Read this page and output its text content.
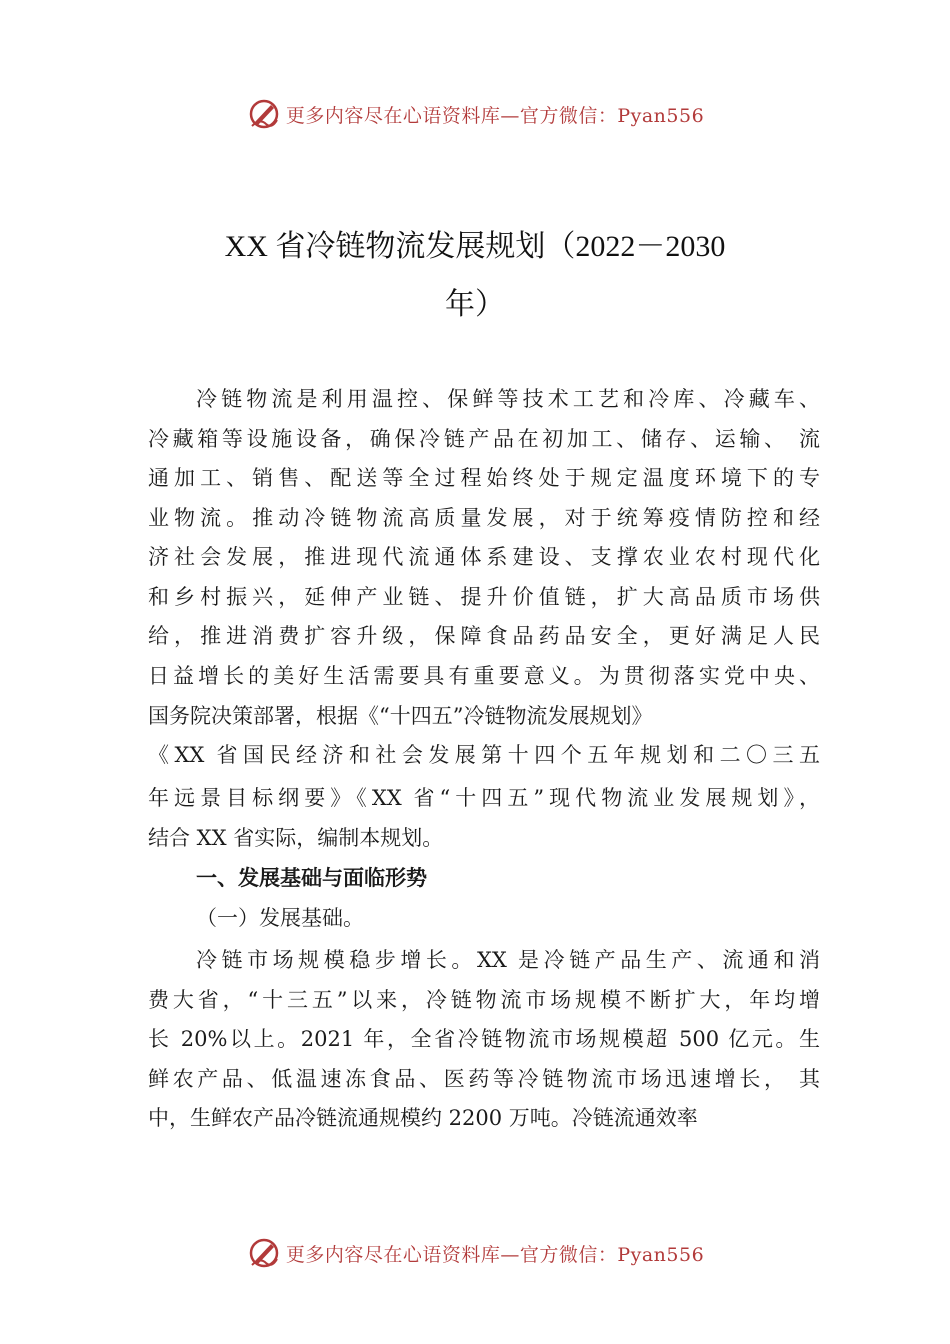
更多内容尽在心语资料库—官方微信：Pyan556
XX 省冷链物流发展规划（2022－2030
年）
冷链物流是利用温控、保鲜等技术工艺和冷库、冷藏车、
冷藏箱等设施设备，确保冷链产品在初加工、储存、运输、 流
通加工、销售、配送等全过程始终处于规定温度环境下的专
业物流。推动冷链物流高质量发展，对于统筹疫情防控和经
济社会发展，推进现代流通体系建设、支撑农业农村现代化
和乡村振兴，延伸产业链、提升价值链，扩大高品质市场供
给，推进消费扩容升级，保障食品药品安全，更好满足人民
日益增长的美好生活需要具有重要意义。为贯彻落实党中央、
国务院决策部署，根据《“十四五”冷链物流发展规划》
《XX 省国民经济和社会发展第十四个五年规划和二〇三五
年远景目标纲要》《XX 省“十四五”现代物流业发展规划》，
结合 XX 省实际，编制本规划。
一、发展基础与面临形势
（一）发展基础。
冷链市场规模稳步增长。XX 是冷链产品生产、流通和消
费大省，“十三五”以来，冷链物流市场规模不断扩大，年均增
长 20%以上。2021 年，全省冷链物流市场规模超 500 亿元。生
鲜农产品、低温速冻食品、医药等冷链物流市场迅速增长， 其
中，生鲜农产品冷链流通规模约 2200 万吨。冷链流通效率
更多内容尽在心语资料库—官方微信：Pyan556
